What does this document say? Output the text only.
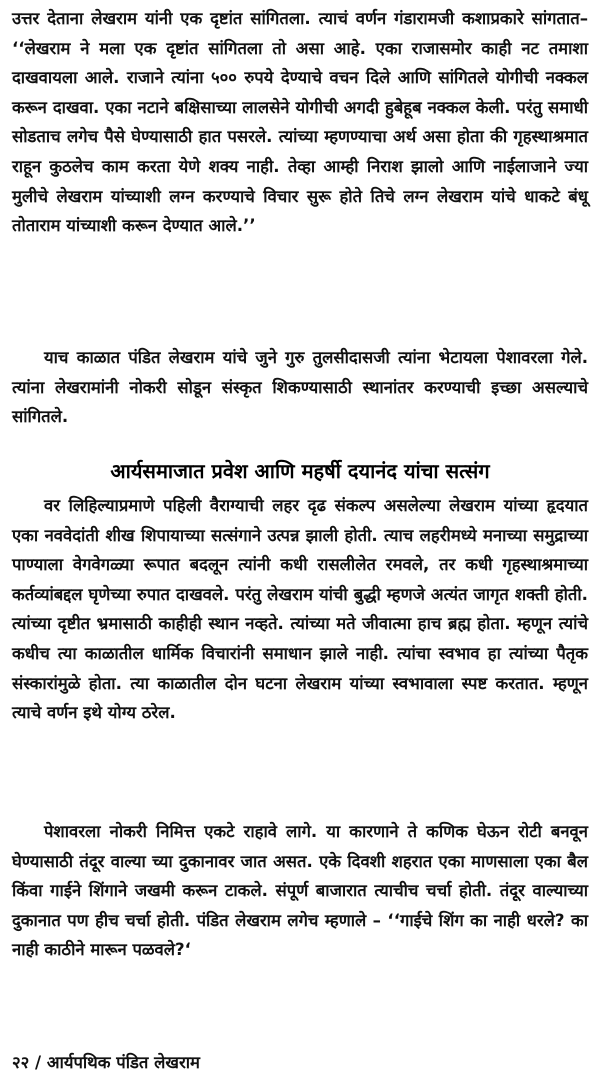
उत्तर देताना लेखराम यांनी एक दृष्टांत सांगितला. त्याचं वर्णन गंडारामजी कशाप्रकारे सांगतात– ‘‘लेखराम ने मला एक दृष्टांत सांगितला तो असा आहे. एका राजासमोर काही नट तमाशा दाखवायला आले. राजाने त्यांना ५०० रुपये देण्याचे वचन दिले आणि सांगितले योगीची नक्कल करून दाखवा. एका नटाने बक्षिसाच्या लालसेने योगीची अगदी हुबेहूब नक्कल केली. परंतु समाधी सोडताच लगेच पैसे घेण्यासाठी हात पसरले. त्यांच्या म्हणण्याचा अर्थ असा होता की गृहस्थाश्रमात राहून कुठलेच काम करता येणे शक्य नाही. तेव्हा आम्ही निराश झालो आणि नाईलाजाने ज्या मुलीचे लेखराम यांच्याशी लग्न करण्याचे विचार सुरू होते तिचे लग्न लेखराम यांचे धाकटे बंधू तोताराम यांच्याशी करून देण्यात आले.’’

याच काळात पंडित लेखराम यांचे जुने गुरु तुलसीदासजी त्यांना भेटायला पेशावरला गेले. त्यांना लेखरामांनी नोकरी सोडून संस्कृत शिकण्यासाठी स्थानांतर करण्याची इच्छा असल्याचे सांगितले.

आर्यसमाजात प्रवेश आणि महर्षी दयानंद यांचा सत्संग

वर लिहिल्याप्रमाणे पहिली वैराग्याची लहर दृढ संकल्प असलेल्या लेखराम यांच्या हृदयात एका नववेदांती शीख शिपायाच्या सत्संगाने उत्पन्न झाली होती. त्याच लहरीमध्ये मनाच्या समुद्राच्या पाण्याला वेगवेगळ्या रूपात बदलून त्यांनी कधी रासलीलेत रमवले, तर कधी गृहस्थाश्रमाच्या कर्तव्यांबद्दल घृणेच्या रुपात दाखवले. परंतु लेखराम यांची बुद्धी म्हणजे अत्यंत जागृत शक्ती होती. त्यांच्या दृष्टीत भ्रमासाठी काहीही स्थान नव्हते. त्यांच्या मते जीवात्मा हाच ब्रह्म होता. म्हणून त्यांचे कधीच त्या काळातील धार्मिक विचारांनी समाधान झाले नाही. त्यांचा स्वभाव हा त्यांच्या पैतृक संस्कारांमुळे होता. त्या काळातील दोन घटना लेखराम यांच्या स्वभावाला स्पष्ट करतात. म्हणून त्याचे वर्णन इथे योग्य ठरेल.

पेशावरला नोकरी निमित्त एकटे राहावे लागे. या कारणाने ते कणिक घेऊन रोटी बनवून घेण्यासाठी तंदूर वाल्या च्या दुकानावर जात असत. एके दिवशी शहरात एका माणसाला एका बैल किंवा गाईने शिंगाने जखमी करून टाकले. संपूर्ण बाजारात त्याचीच चर्चा होती. तंदूर वाल्याच्या दुकानात पण हीच चर्चा होती. पंडित लेखराम लगेच म्हणाले – ‘‘गाईचे शिंग का नाही धरले? का नाही काठीने मारून पळवले?‘

२२ / आर्यपथिक पंडित लेखराम
